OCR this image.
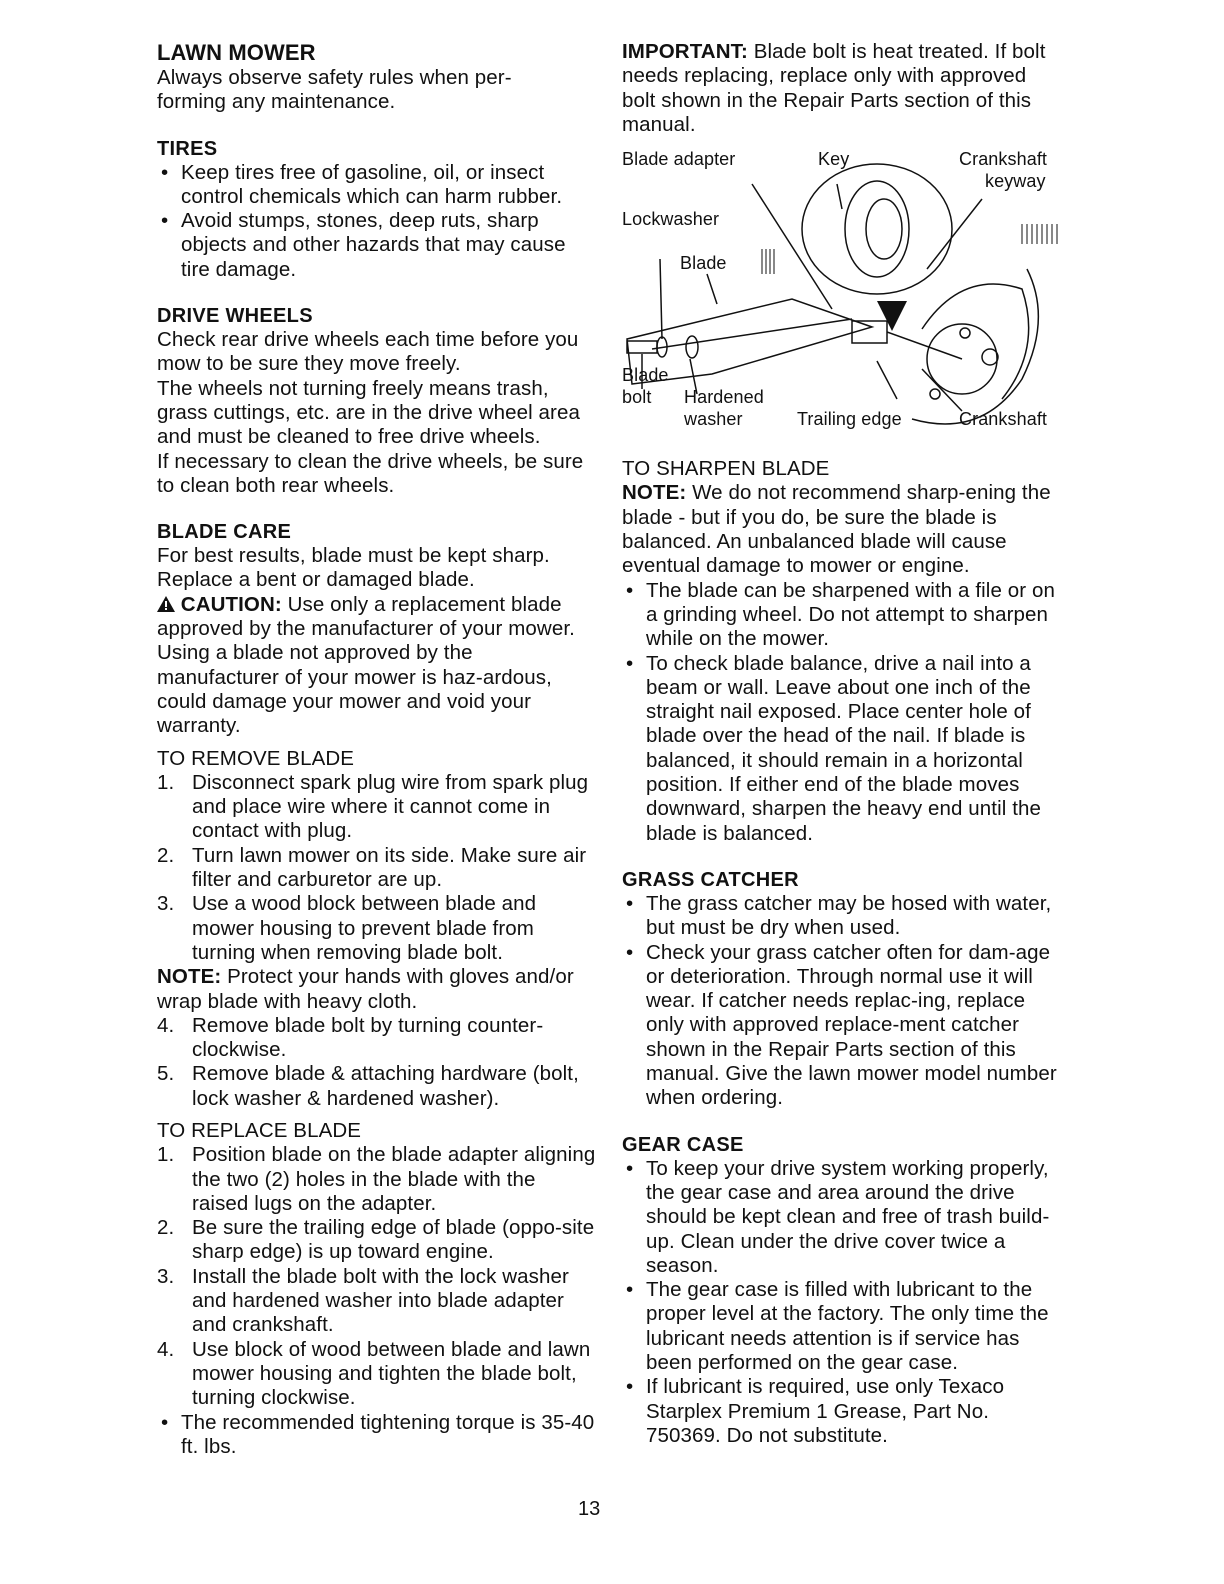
LAWN MOWER

Always observe safety rules when per-
forming any maintenance.

TIRES
• Keep tires free of gasoline, oil, or insect control chemicals which can harm rubber.
• Avoid stumps, stones, deep ruts, sharp objects and other hazards that may cause tire damage.
DRIVE WHEELS

Check rear drive wheels each time before you mow to be sure they move freely.

The wheels not turning freely means trash, grass cuttings, etc. are in the drive wheel area and must be cleaned to free drive wheels.

If necessary to clean the drive wheels, be sure to clean both rear wheels.

BLADE CARE

For best results, blade must be kept sharp. Replace a bent or damaged blade.

CAUTION: Use only a replacement blade approved by the manufacturer of your mower. Using a blade not approved by the manufacturer of your mower is haz-ardous, could damage your mower and void your warranty.

TO REMOVE BLADE

1. Disconnect spark plug wire from spark plug and place wire where it cannot come in contact with plug.
2. Turn lawn mower on its side. Make sure air filter and carburetor are up.
3. Use a wood block between blade and mower housing to prevent blade from turning when removing blade bolt.

NOTE: Protect your hands with gloves and/or wrap blade with heavy cloth.

4. Remove blade bolt by turning counter-clockwise.
5. Remove blade & attaching hardware (bolt, lock washer & hardened washer).

TO REPLACE BLADE

1. Position blade on the blade adapter aligning the two (2) holes in the blade with the raised lugs on the adapter.
2. Be sure the trailing edge of blade (oppo-site sharp edge) is up toward engine.
3. Install the blade bolt with the lock washer and hardened washer into blade adapter and crankshaft.
4. Use block of wood between blade and lawn mower housing and tighten the blade bolt, turning clockwise.
• The recommended tightening torque is 35-40 ft. lbs.

IMPORTANT: Blade bolt is heat treated. If bolt needs replacing, replace only with approved bolt shown in the Repair Parts section of this manual.

Blade adapter	Key	Crankshaft
keyway
Lockwasher
Blade
Blade
bolt Hardened
washer	Trailing edge	Crankshaft

TO SHARPEN BLADE

NOTE: We do not recommend sharp-ening the blade - but if you do, be sure the blade is balanced. An unbalanced blade will cause eventual damage to mower or engine.

• The blade can be sharpened with a file or on a grinding wheel. Do not attempt to sharpen while on the mower.
• To check blade balance, drive a nail into a beam or wall. Leave about one inch of the straight nail exposed. Place center hole of blade over the head of the nail. If blade is balanced, it should remain in a horizontal position. If either end of the blade moves downward, sharpen the heavy end until the blade is balanced.
GRASS CATCHER
• The grass catcher may be hosed with water, but must be dry when used.
• Check your grass catcher often for dam-age or deterioration. Through normal use it will wear. If catcher needs replac-ing, replace only with approved replace-ment catcher shown in the Repair Parts section of this manual. Give the lawn mower model number when ordering.
GEAR CASE
• To keep your drive system working properly, the gear case and area around the drive should be kept clean and free of trash build-up. Clean under the drive cover twice a season.
• The gear case is filled with lubricant to the proper level at the factory. The only time the lubricant needs attention is if service has been performed on the gear case.
• If lubricant is required, use only Texaco Starplex Premium 1 Grease, Part No. 750369. Do not substitute.
13
